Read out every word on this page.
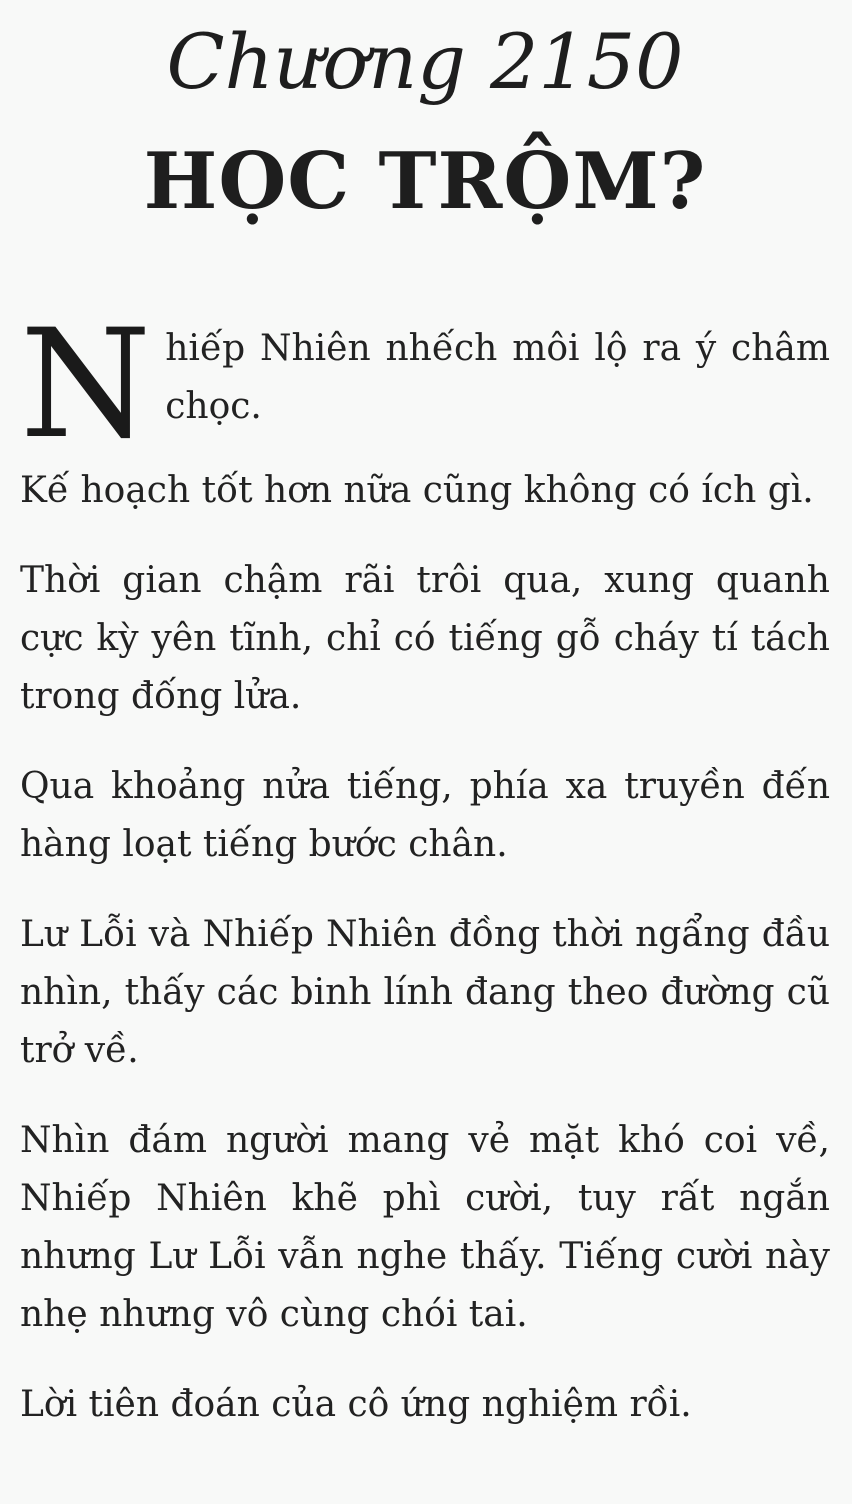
Chương 2150
HỌC TRỘM?

Nhiếp Nhiên nhếch môi lộ ra ý châm chọc.

Kế hoạch tốt hơn nữa cũng không có ích gì.

Thời gian chậm rãi trôi qua, xung quanh cực kỳ yên tĩnh, chỉ có tiếng gỗ cháy tí tách trong đống lửa.

Qua khoảng nửa tiếng, phía xa truyền đến hàng loạt tiếng bước chân.

Lư Lỗi và Nhiếp Nhiên đồng thời ngẩng đầu nhìn, thấy các binh lính đang theo đường cũ trở về.

Nhìn đám người mang vẻ mặt khó coi về, Nhiếp Nhiên khẽ phì cười, tuy rất ngắn nhưng Lư Lỗi vẫn nghe thấy. Tiếng cười này nhẹ nhưng vô cùng chói tai.

Lời tiên đoán của cô ứng nghiệm rồi.
